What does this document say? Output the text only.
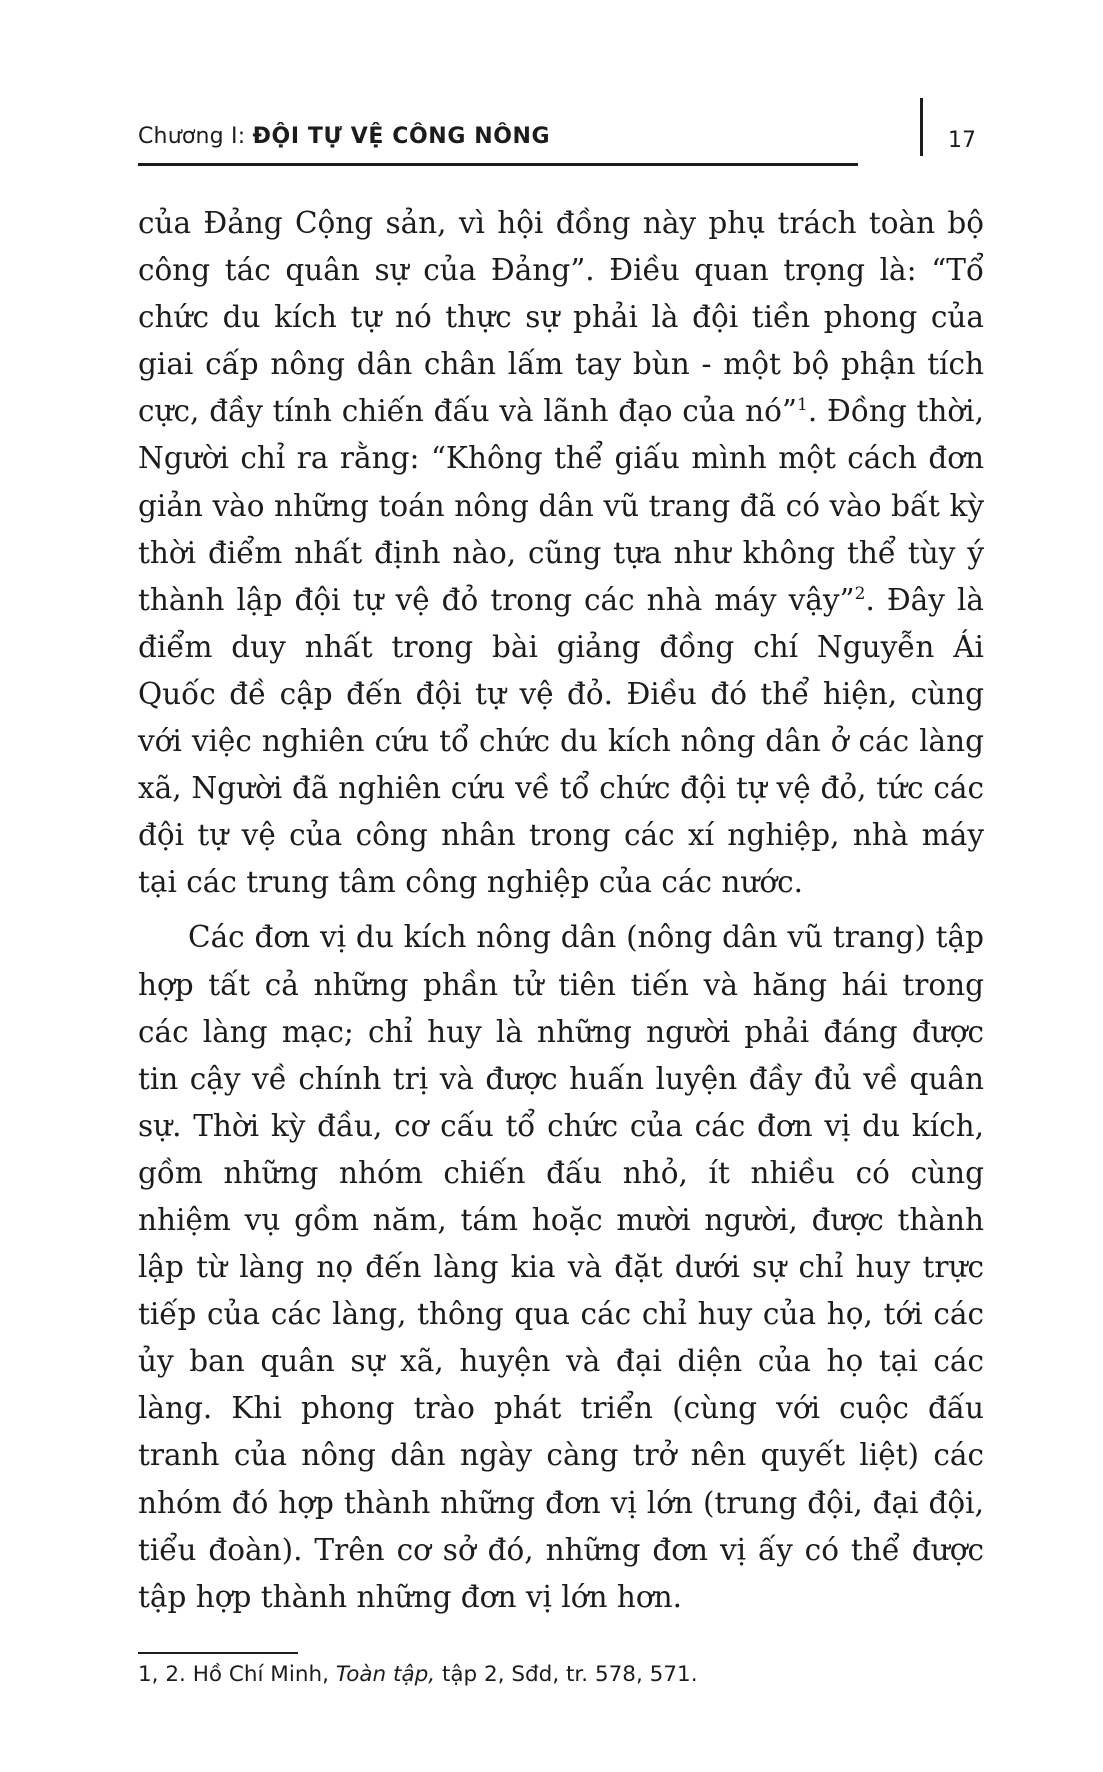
Chương I: ĐỘI TỰ VỆ CÔNG NÔNG	17

của Đảng Cộng sản, vì hội đồng này phụ trách toàn bộ công tác quân sự của Đảng”. Điều quan trọng là: “Tổ chức du kích tự nó thực sự phải là đội tiền phong của giai cấp nông dân chân lấm tay bùn - một bộ phận tích cực, đầy tính chiến đấu và lãnh đạo của nó”$^1$. Đồng thời, Người chỉ ra rằng: “Không thể giấu mình một cách đơn giản vào những toán nông dân vũ trang đã có vào bất kỳ thời điểm nhất định nào, cũng tựa như không thể tùy ý thành lập đội tự vệ đỏ trong các nhà máy vậy”$^2$. Đây là điểm duy nhất trong bài giảng đồng chí Nguyễn Ái Quốc đề cập đến đội tự vệ đỏ. Điều đó thể hiện, cùng với việc nghiên cứu tổ chức du kích nông dân ở các làng xã, Người đã nghiên cứu về tổ chức đội tự vệ đỏ, tức các đội tự vệ của công nhân trong các xí nghiệp, nhà máy tại các trung tâm công nghiệp của các nước.

Các đơn vị du kích nông dân (nông dân vũ trang) tập hợp tất cả những phần tử tiên tiến và hăng hái trong các làng mạc; chỉ huy là những người phải đáng được tin cậy về chính trị và được huấn luyện đầy đủ về quân sự. Thời kỳ đầu, cơ cấu tổ chức của các đơn vị du kích, gồm những nhóm chiến đấu nhỏ, ít nhiều có cùng nhiệm vụ gồm năm, tám hoặc mười người, được thành lập từ làng nọ đến làng kia và đặt dưới sự chỉ huy trực tiếp của các làng, thông qua các chỉ huy của họ, tới các ủy ban quân sự xã, huyện và đại diện của họ tại các làng. Khi phong trào phát triển (cùng với cuộc đấu tranh của nông dân ngày càng trở nên quyết liệt) các nhóm đó hợp thành những đơn vị lớn (trung đội, đại đội, tiểu đoàn). Trên cơ sở đó, những đơn vị ấy có thể được tập hợp thành những đơn vị lớn hơn.

1, 2. Hồ Chí Minh, Toàn tập, tập 2, Sđd, tr. 578, 571.
